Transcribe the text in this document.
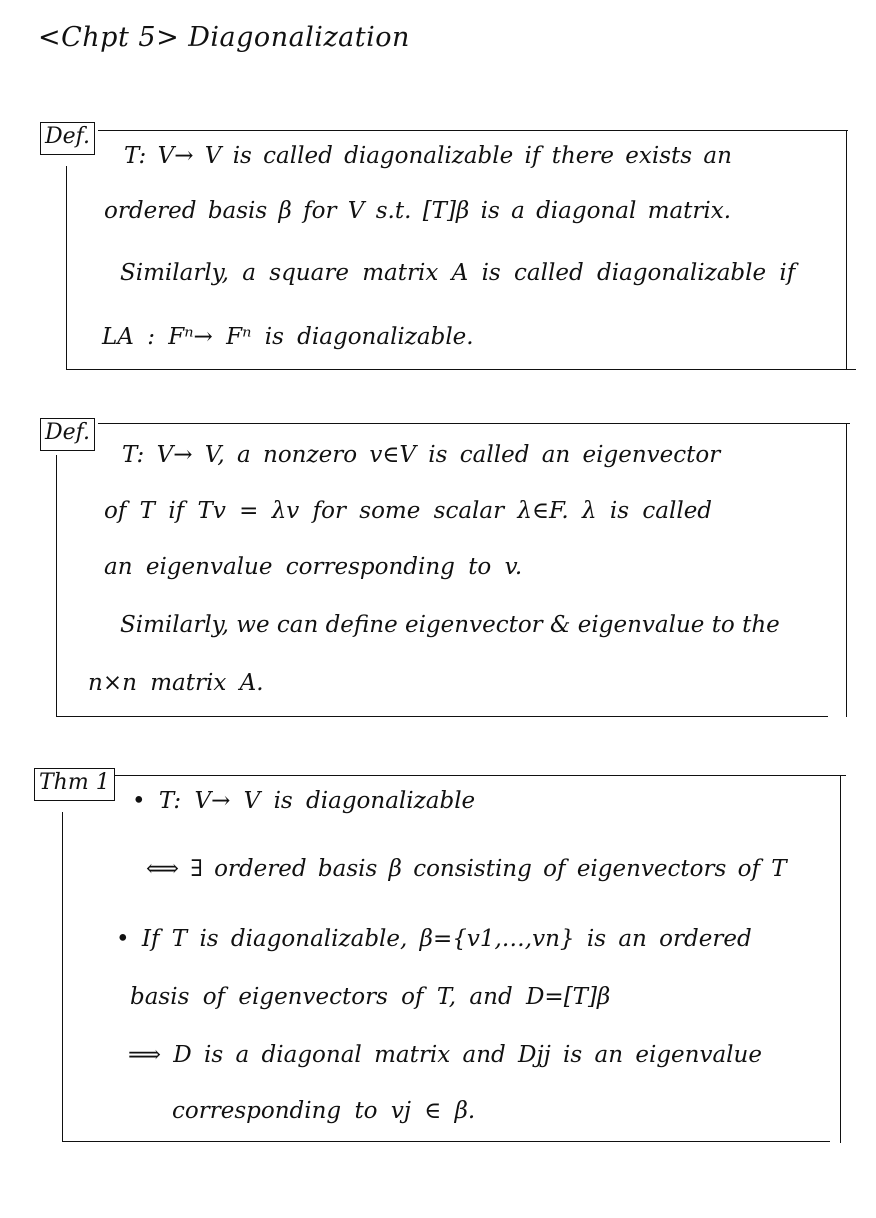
<Chpt 5> Diagonalization
Def.
T: V→ V is called diagonalizable if there exists an
ordered basis β for V s.t. [T]β is a diagonal matrix.
Similarly, a square matrix A is called diagonalizable if
LA : Fⁿ→ Fⁿ is diagonalizable.
Def.
T: V→ V, a nonzero v∈V is called an eigenvector
of T if Tv = λv for some scalar λ∈F. λ is called
an eigenvalue corresponding to v.
Similarly, we can define eigenvector & eigenvalue to the
n×n matrix A.
Thm 1
• T: V→ V is diagonalizable
⟺ ∃ ordered basis β consisting of eigenvectors of T
• If T is diagonalizable, β={v1,…,vn} is an ordered
basis of eigenvectors of T, and D=[T]β
⟹ D is a diagonal matrix and Djj is an eigenvalue
corresponding to vj ∈ β.
